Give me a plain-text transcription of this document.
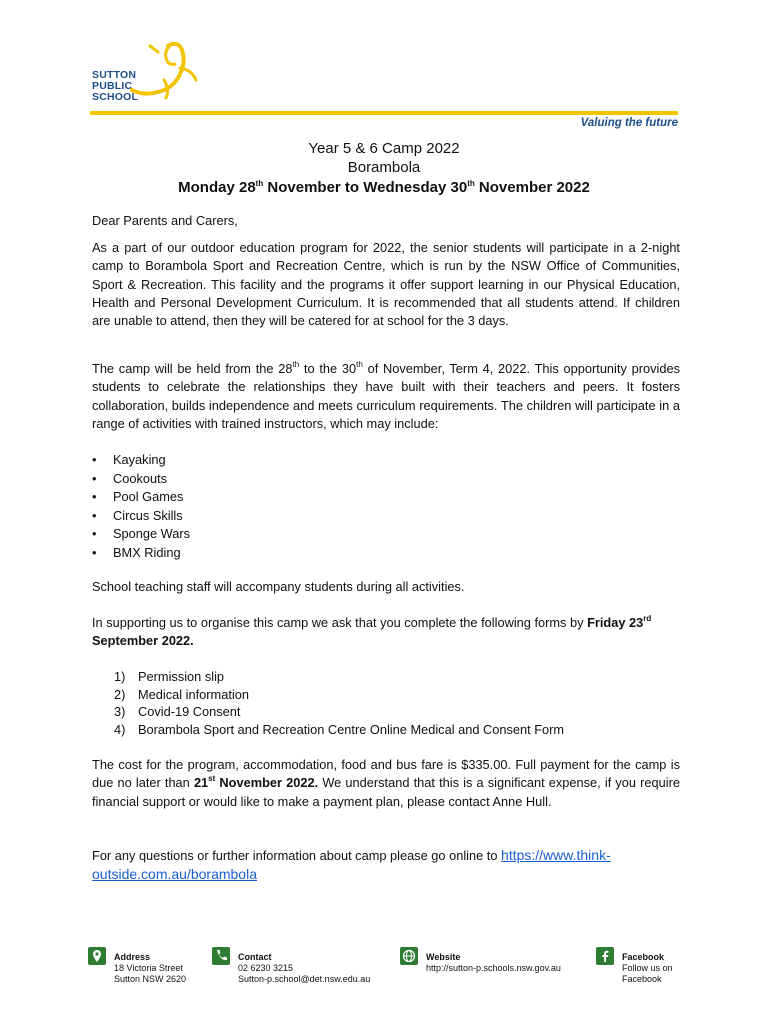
SUTTON
PUBLIC
SCHOOL
Valuing the future
Year 5 & 6 Camp 2022
Borambola
Monday 28th November to Wednesday 30th November 2022

Dear Parents and Carers,

As a part of our outdoor education program for 2022, the senior students will participate in a 2-night camp to Borambola Sport and Recreation Centre, which is run by the NSW Office of Communities, Sport & Recreation. This facility and the programs it offer support learning in our Physical Education, Health and Personal Development Curriculum. It is recommended that all students attend. If children are unable to attend, then they will be catered for at school for the 3 days.

The camp will be held from the 28th to the 30th of November, Term 4, 2022. This opportunity provides students to celebrate the relationships they have built with their teachers and peers. It fosters collaboration, builds independence and meets curriculum requirements. The children will participate in a range of activities with trained instructors, which may include:

• Kayaking
• Cookouts
• Pool Games
• Circus Skills
• Sponge Wars
• BMX Riding

School teaching staff will accompany students during all activities.

In supporting us to organise this camp we ask that you complete the following forms by Friday 23rd September 2022.

1) Permission slip
2) Medical information
3) Covid-19 Consent
4) Borambola Sport and Recreation Centre Online Medical and Consent Form

The cost for the program, accommodation, food and bus fare is $335.00. Full payment for the camp is due no later than 21st November 2022. We understand that this is a significant expense, if you require financial support or would like to make a payment plan, please contact Anne Hull.

For any questions or further information about camp please go online to https://www.think-outside.com.au/borambola

Address
18 Victoria Street
Sutton NSW 2620
Contact
02 6230 3215
Sutton-p.school@det.nsw.edu.au
Website
http://sutton-p.schools.nsw.gov.au
Facebook
Follow us on
Facebook
